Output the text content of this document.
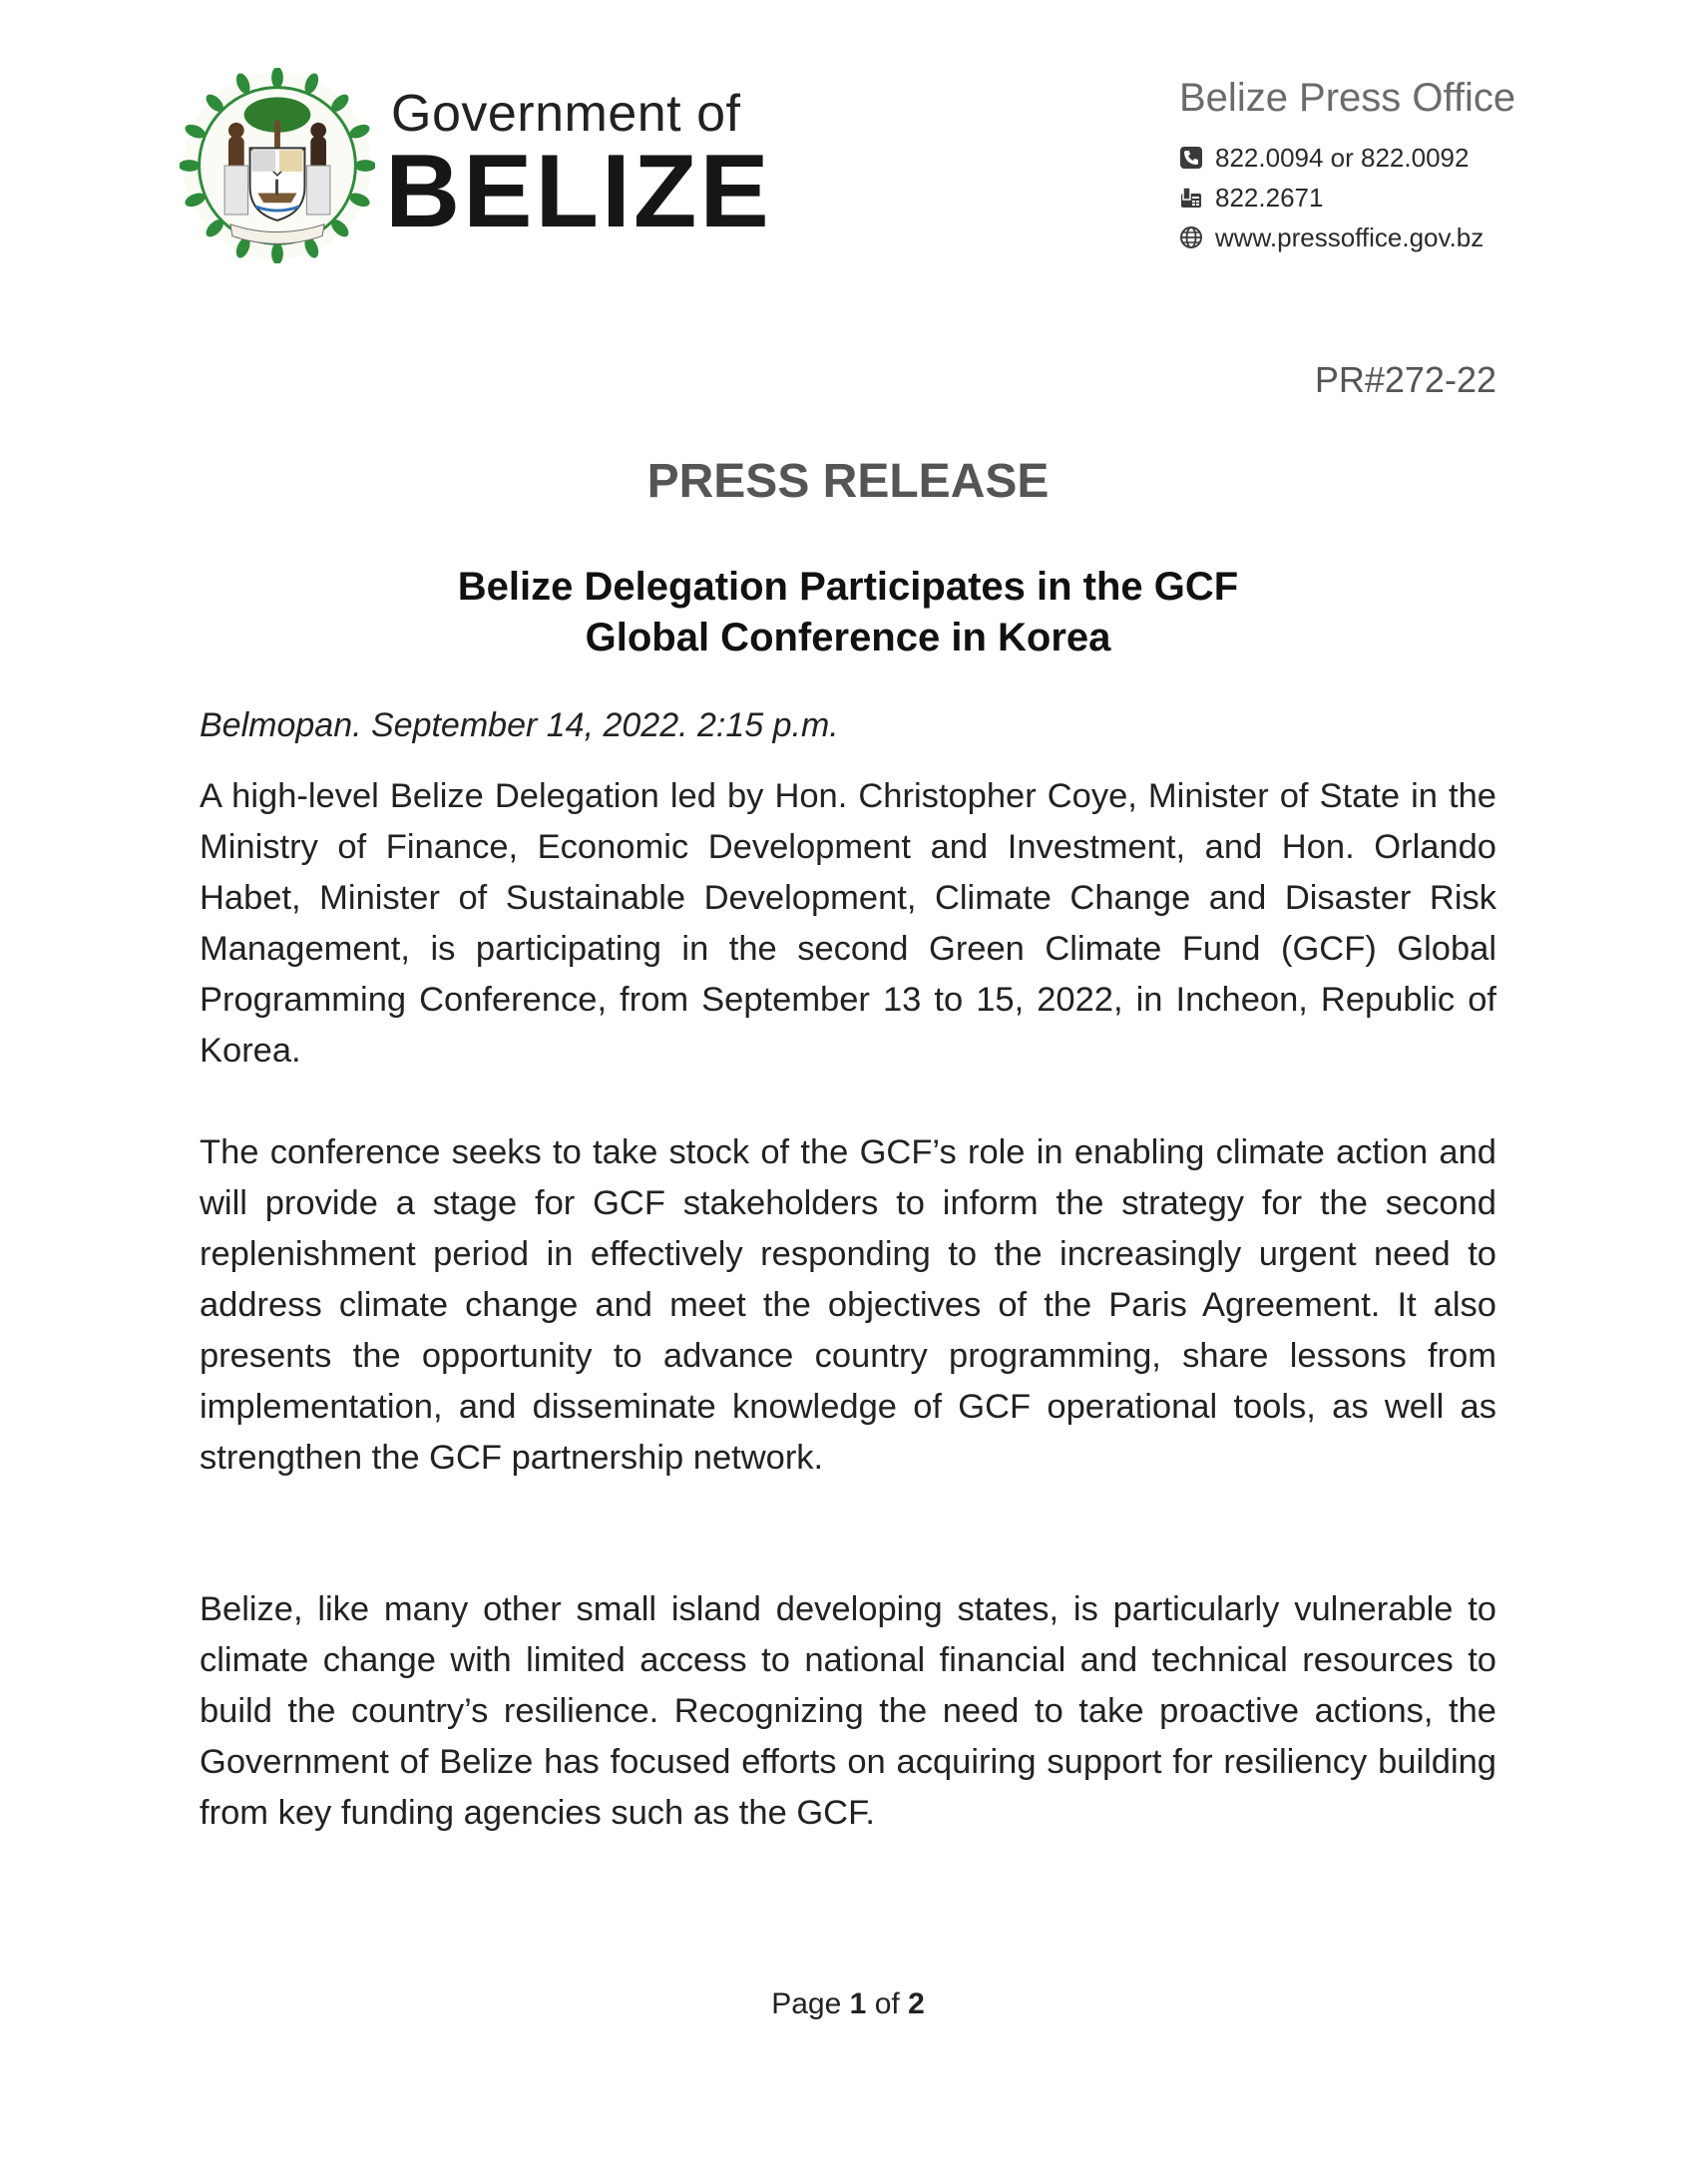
Government of
BELIZE
Belize Press Office
822.0094 or 822.0092
822.2671
www.pressoffice.gov.bz
PR#272-22
PRESS RELEASE
Belize Delegation Participates in the GCF
Global Conference in Korea
Belmopan. September 14, 2022. 2:15 p.m.

A high-level Belize Delegation led by Hon. Christopher Coye, Minister of State in the Ministry of Finance, Economic Development and Investment, and Hon. Orlando Habet, Minister of Sustainable Development, Climate Change and Disaster Risk Management, is participating in the second Green Climate Fund (GCF) Global Programming Conference, from September 13 to 15, 2022, in Incheon, Republic of Korea.

The conference seeks to take stock of the GCF’s role in enabling climate action and will provide a stage for GCF stakeholders to inform the strategy for the second replenishment period in effectively responding to the increasingly urgent need to address climate change and meet the objectives of the Paris Agreement. It also presents the opportunity to advance country programming, share lessons from implementation, and disseminate knowledge of GCF operational tools, as well as strengthen the GCF partnership network.

Belize, like many other small island developing states, is particularly vulnerable to climate change with limited access to national financial and technical resources to build the country’s resilience. Recognizing the need to take proactive actions, the Government of Belize has focused efforts on acquiring support for resiliency building from key funding agencies such as the GCF.

Page 1 of 2
